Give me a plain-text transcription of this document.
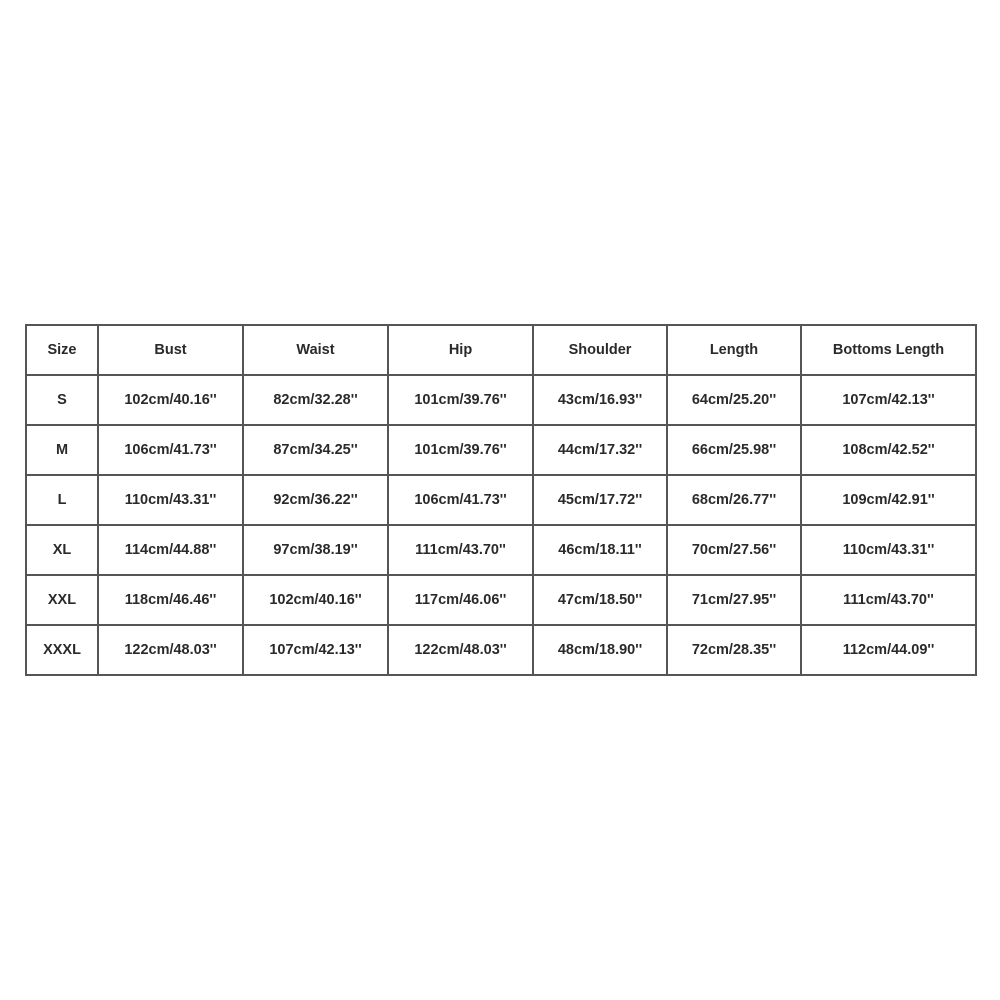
Size	Bust	Waist	Hip	Shoulder	Length	Bottoms Length
S	102cm/40.16''	82cm/32.28''	101cm/39.76''	43cm/16.93''	64cm/25.20''	107cm/42.13''
M	106cm/41.73''	87cm/34.25''	101cm/39.76''	44cm/17.32''	66cm/25.98''	108cm/42.52''
L	110cm/43.31''	92cm/36.22''	106cm/41.73''	45cm/17.72''	68cm/26.77''	109cm/42.91''
XL	114cm/44.88''	97cm/38.19''	111cm/43.70''	46cm/18.11''	70cm/27.56''	110cm/43.31''
XXL	118cm/46.46''	102cm/40.16''	117cm/46.06''	47cm/18.50''	71cm/27.95''	111cm/43.70''
XXXL	122cm/48.03''	107cm/42.13''	122cm/48.03''	48cm/18.90''	72cm/28.35''	112cm/44.09''
